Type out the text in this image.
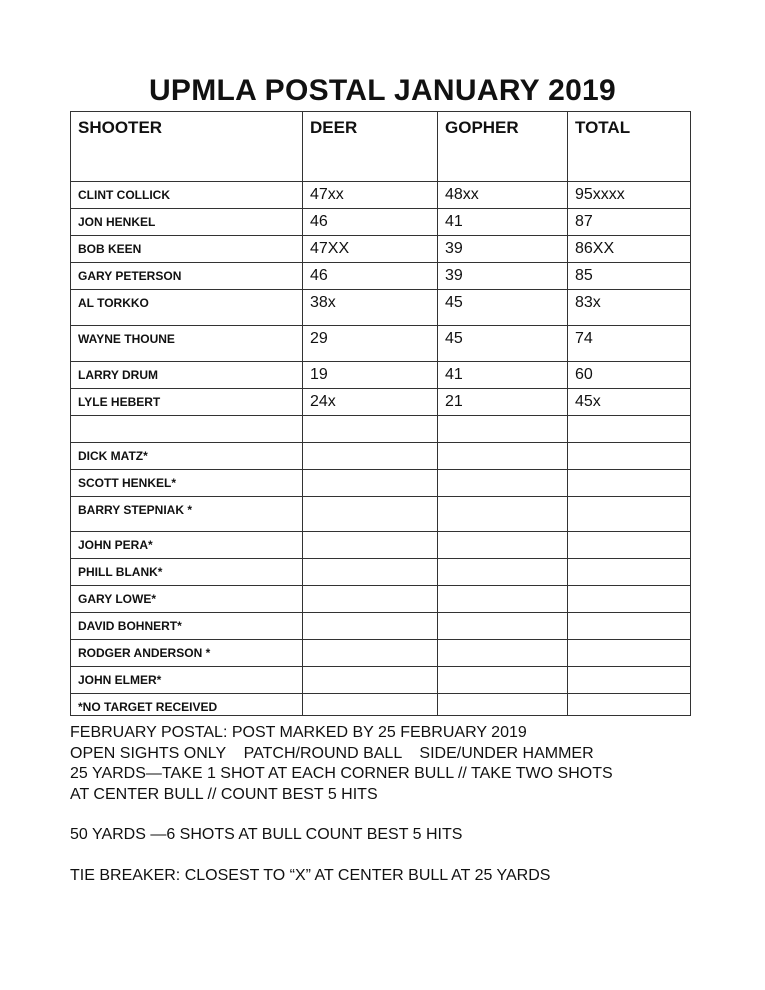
UPMLA POSTAL JANUARY 2019
SHOOTER	DEER	GOPHER	TOTAL
CLINT COLLICK	47xx	48xx	95xxxx
JON HENKEL	46	41	87
BOB KEEN	47XX	39	86XX
GARY PETERSON	46	39	85
AL TORKKO	38x	45	83x
WAYNE THOUNE	29	45	74
LARRY DRUM	19	41	60
LYLE HEBERT	24x	21	45x

DICK MATZ*			
SCOTT HENKEL*			
BARRY STEPNIAK *			
JOHN PERA*			
PHILL BLANK*			
GARY LOWE*			
DAVID BOHNERT*			
RODGER ANDERSON *			
JOHN ELMER*			
*NO TARGET RECEIVED			

FEBRUARY POSTAL: POST MARKED BY 25 FEBRUARY 2019

OPEN SIGHTS ONLY    PATCH/ROUND BALL    SIDE/UNDER HAMMER

25 YARDS—TAKE 1 SHOT AT EACH CORNER BULL // TAKE TWO SHOTS

AT CENTER BULL // COUNT BEST 5 HITS

50 YARDS —6 SHOTS AT BULL COUNT BEST 5 HITS

TIE BREAKER: CLOSEST TO “X” AT CENTER BULL AT 25 YARDS
